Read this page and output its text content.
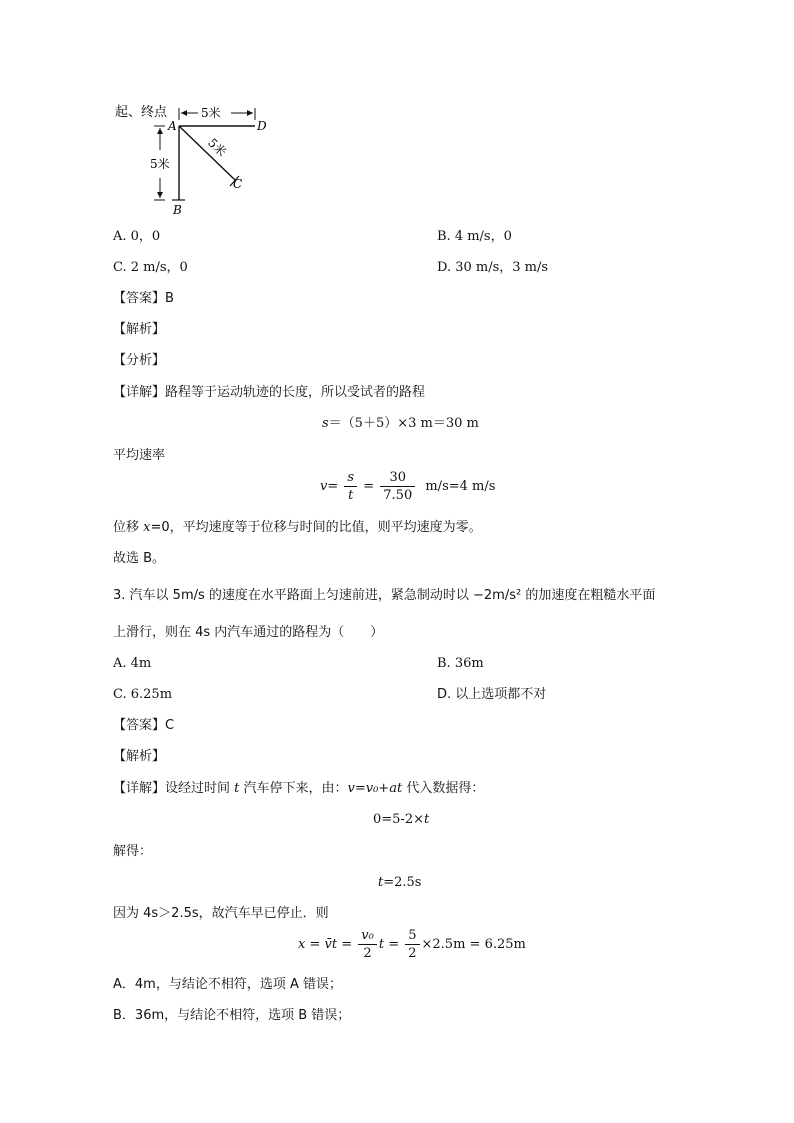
起、终点
A
5米
D
B
5米
C
5米
A. 0，0	B. 4 m/s，0
C. 2 m/s，0	D. 30 m/s，3 m/s
【答案】B
【解析】
【分析】
【详解】路程等于运动轨迹的长度，所以受试者的路程
s＝（5＋5）×3 m＝30 m
平均速率
$v= \frac{s}{t} = \frac{30}{7.50} m/s=4$ m/s
位移 x=0，平均速度等于位移与时间的比值，则平均速度为零。
故选 B。
3. 汽车以 5m/s 的速度在水平路面上匀速前进，紧急制动时以 −2m/s² 的加速度在粗糙水平面
上滑行，则在 4s 内汽车通过的路程为（　　）
A. 4m	B. 36m
C. 6.25m	D. 以上选项都不对
【答案】C
【解析】
【详解】设经过时间 t 汽车停下来，由：v=v₀+at 代入数据得：
0=5-2×t
解得：
t=2.5s
因为 4s＞2.5s，故汽车早已停止．则
x = v̄t = $\frac{\text{v₀}}{2}$ $t = \frac{5}{2} \times 2.5m = 6.25m$
A．4m，与结论不相符，选项 A 错误；
B．36m，与结论不相符，选项 B 错误；
